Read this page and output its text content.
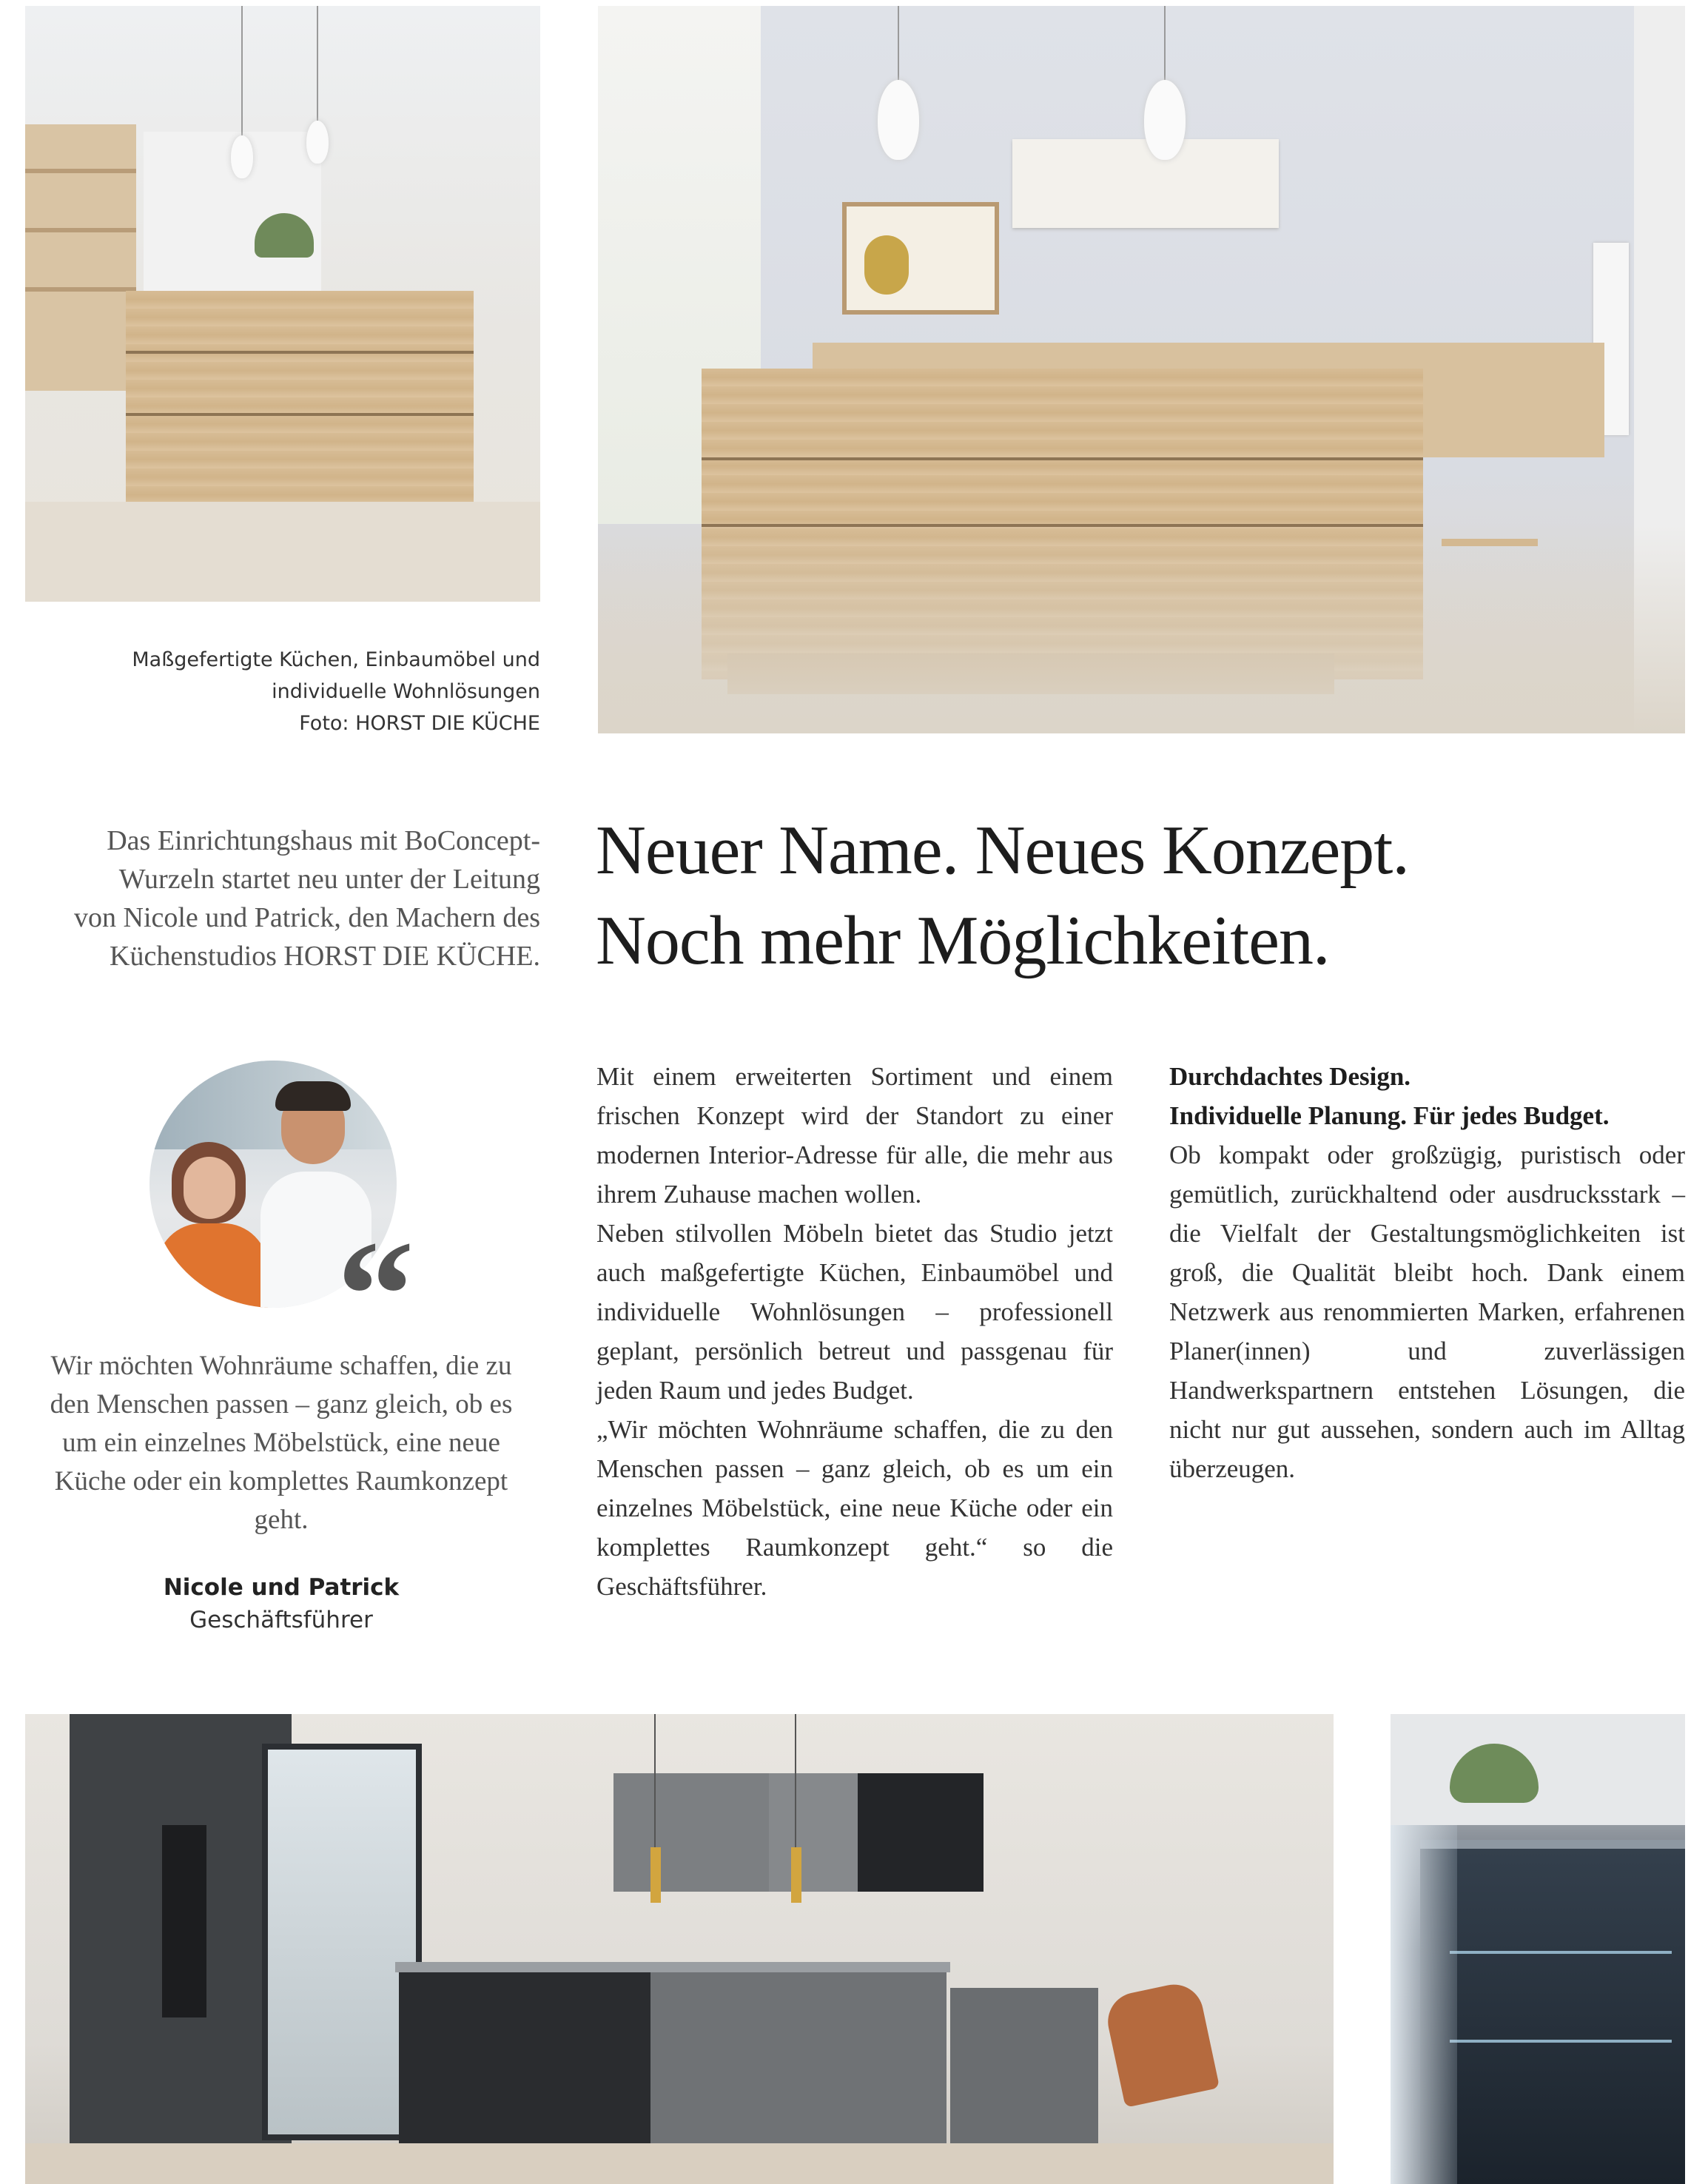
Maßgefertigte Küchen, Einbaumöbel und
individuelle Wohnlösungen
Foto: HORST DIE KÜCHE
Das Einrichtungshaus mit BoConcept-
Wurzeln startet neu unter der Leitung
von Nicole und Patrick, den Machern des
Küchenstudios HORST DIE KÜCHE.
Neuer Name. Neues Konzept.
Noch mehr Möglichkeiten.
“
Wir möchten Wohnräume schaffen, die zu den Menschen passen – ganz gleich, ob es um ein einzelnes Möbelstück, eine neue Küche oder ein komplettes Raumkonzept geht.
Nicole und Patrick
Geschäftsführer

Mit einem erweiterten Sortiment und einem frischen Konzept wird der Standort zu einer modernen Interior-Adresse für alle, die mehr aus ihrem Zuhause machen wollen.

Neben stilvollen Möbeln bietet das Studio jetzt auch maßgefertigte Küchen, Einbaumöbel und individuelle Wohnlösungen – professionell geplant, persönlich betreut und passgenau für jeden Raum und jedes Budget.

„Wir möchten Wohnräume schaffen, die zu den Menschen passen – ganz gleich, ob es um ein einzelnes Möbelstück, eine neue Küche oder ein komplettes Raumkonzept geht.“ so die Geschäftsführer.

Durchdachtes Design.
Individuelle Planung. Für jedes Budget.

Ob kompakt oder großzügig, puristisch oder gemütlich, zurückhaltend oder ausdrucksstark – die Vielfalt der Gestaltungsmöglichkeiten ist groß, die Qualität bleibt hoch. Dank einem Netzwerk aus renommierten Marken, erfahrenen Planer(innen) und zuverlässigen Handwerkspartnern entstehen Lösungen, die nicht nur gut aussehen, sondern auch im Alltag überzeugen.
